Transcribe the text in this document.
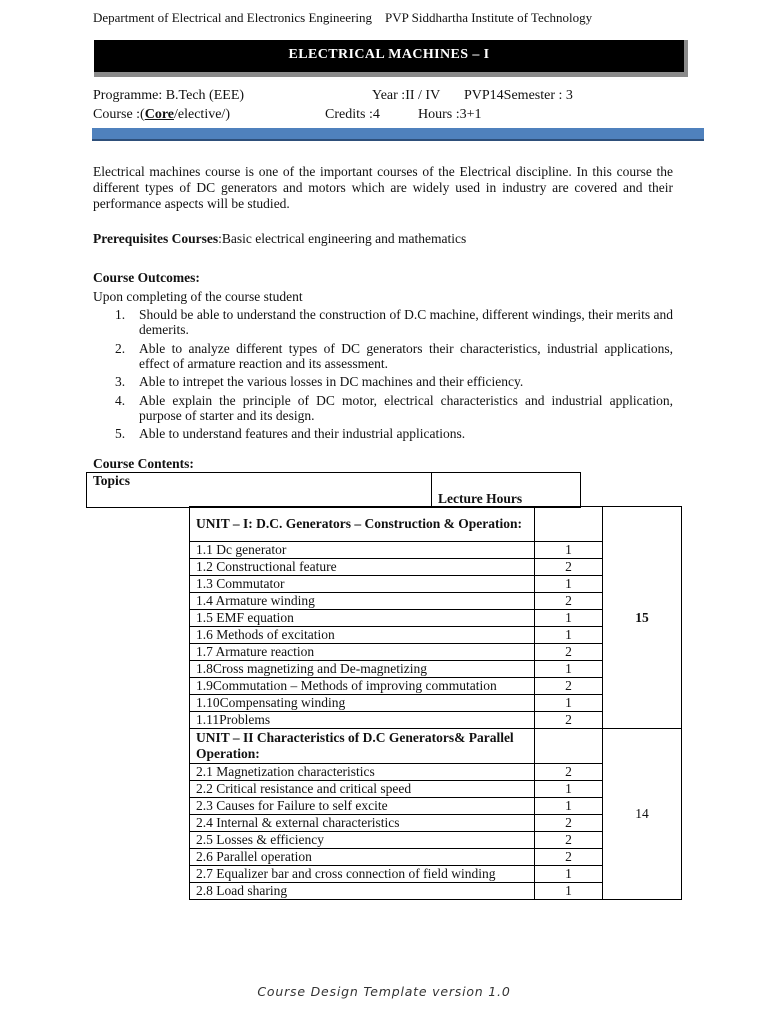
Department of Electrical and Electronics Engineering PVP Siddhartha Institute of Technology
ELECTRICAL MACHINES – I
Programme: B.Tech (EEE)	Year :II / IV PVP14Semester : 3
Course :(Core/elective/)	Credits :4	Hours :3+1
Electrical machines course is one of the important courses of the Electrical discipline. In this course the different types of DC generators and motors which are widely used in industry are covered and their performance aspects will be studied.
Prerequisites Courses:Basic electrical engineering and mathematics
Course Outcomes:
Upon completing of the course student
1. Should be able to understand the construction of D.C machine, different windings, their merits and demerits.
2. Able to analyze different types of DC generators their characteristics, industrial applications, effect of armature reaction and its assessment.
3. Able to intrepet the various losses in DC machines and their efficiency.
4. Able explain the principle of DC motor, electrical characteristics and industrial application, purpose of starter and its design.
5. Able to understand features and their industrial applications.
Course Contents:
Topics	Lecture Hours
UNIT – I: D.C. Generators – Construction & Operation:		15
1.1 Dc generator	1	
1.2 Constructional feature	2	
1.3 Commutator	1	
1.4 Armature winding	2	
1.5 EMF equation	1	
1.6 Methods of excitation	1	
1.7 Armature reaction	2	
1.8Cross magnetizing and De-magnetizing	1	
1.9Commutation – Methods of improving commutation	2	
1.10Compensating winding	1	
1.11Problems	2	
UNIT – II Characteristics of D.C Generators& Parallel Operation:		14
2.1 Magnetization characteristics	2	
2.2 Critical resistance and critical speed	1	
2.3 Causes for Failure to self excite	1	
2.4 Internal & external characteristics	2	
2.5 Losses & efficiency	2	
2.6 Parallel operation	2	
2.7 Equalizer bar and cross connection of field winding	1	
2.8 Load sharing	1	
Course Design Template version 1.0
